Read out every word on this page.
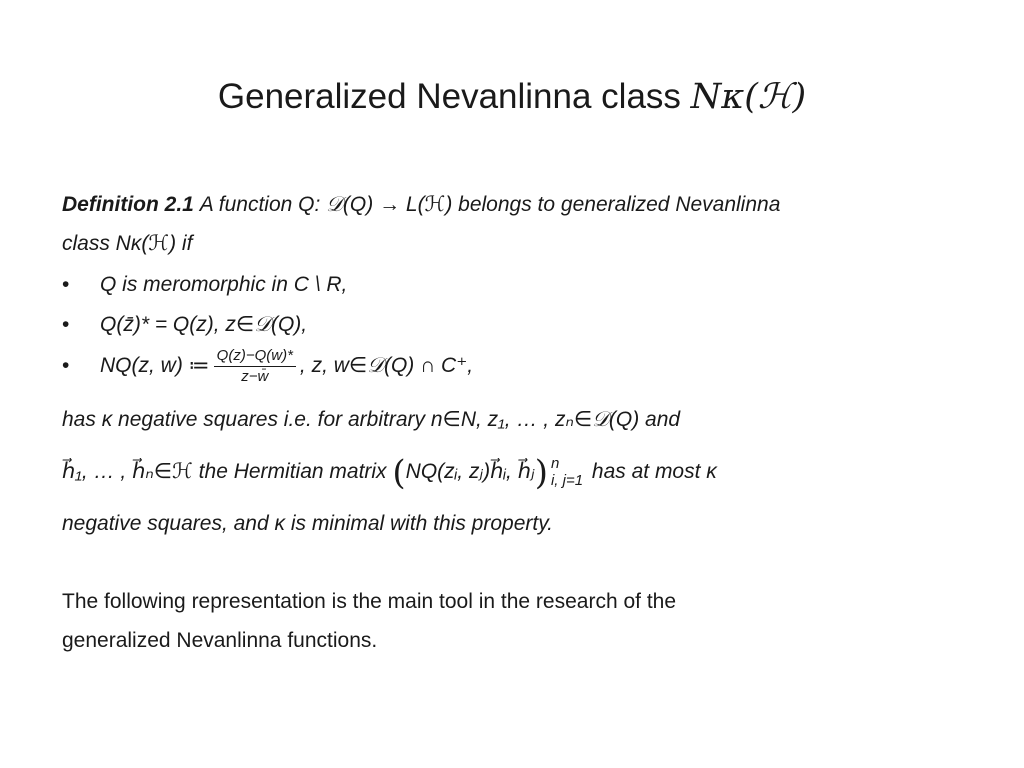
Generalized Nevanlinna class Nκ(ℋ)
Definition 2.1 A function Q: 𝒟(Q) → L(ℋ) belongs to generalized Nevanlinna
class Nκ(ℋ) if
• Q is meromorphic in C \ R,
• Q(z̄)* = Q(z), z∈𝒟(Q),
• NQ(z, w) ≔ $\frac{Q(z)-Q(w)*}{z-w̄}$ , z, w∈𝒟(Q) ∩ C⁺,
has κ negative squares i.e. for arbitrary n∈N, z₁, … , zₙ∈𝒟(Q) and
h⃗₁, … , h⃗ₙ∈ℋ the Hermitian matrix (NQ(zᵢ, zⱼ)h⃗ᵢ, h⃗ⱼ) n
i, j=1 has at most κ
negative squares, and κ is minimal with this property.
The following representation is the main tool in the research of the
generalized Nevanlinna functions.
